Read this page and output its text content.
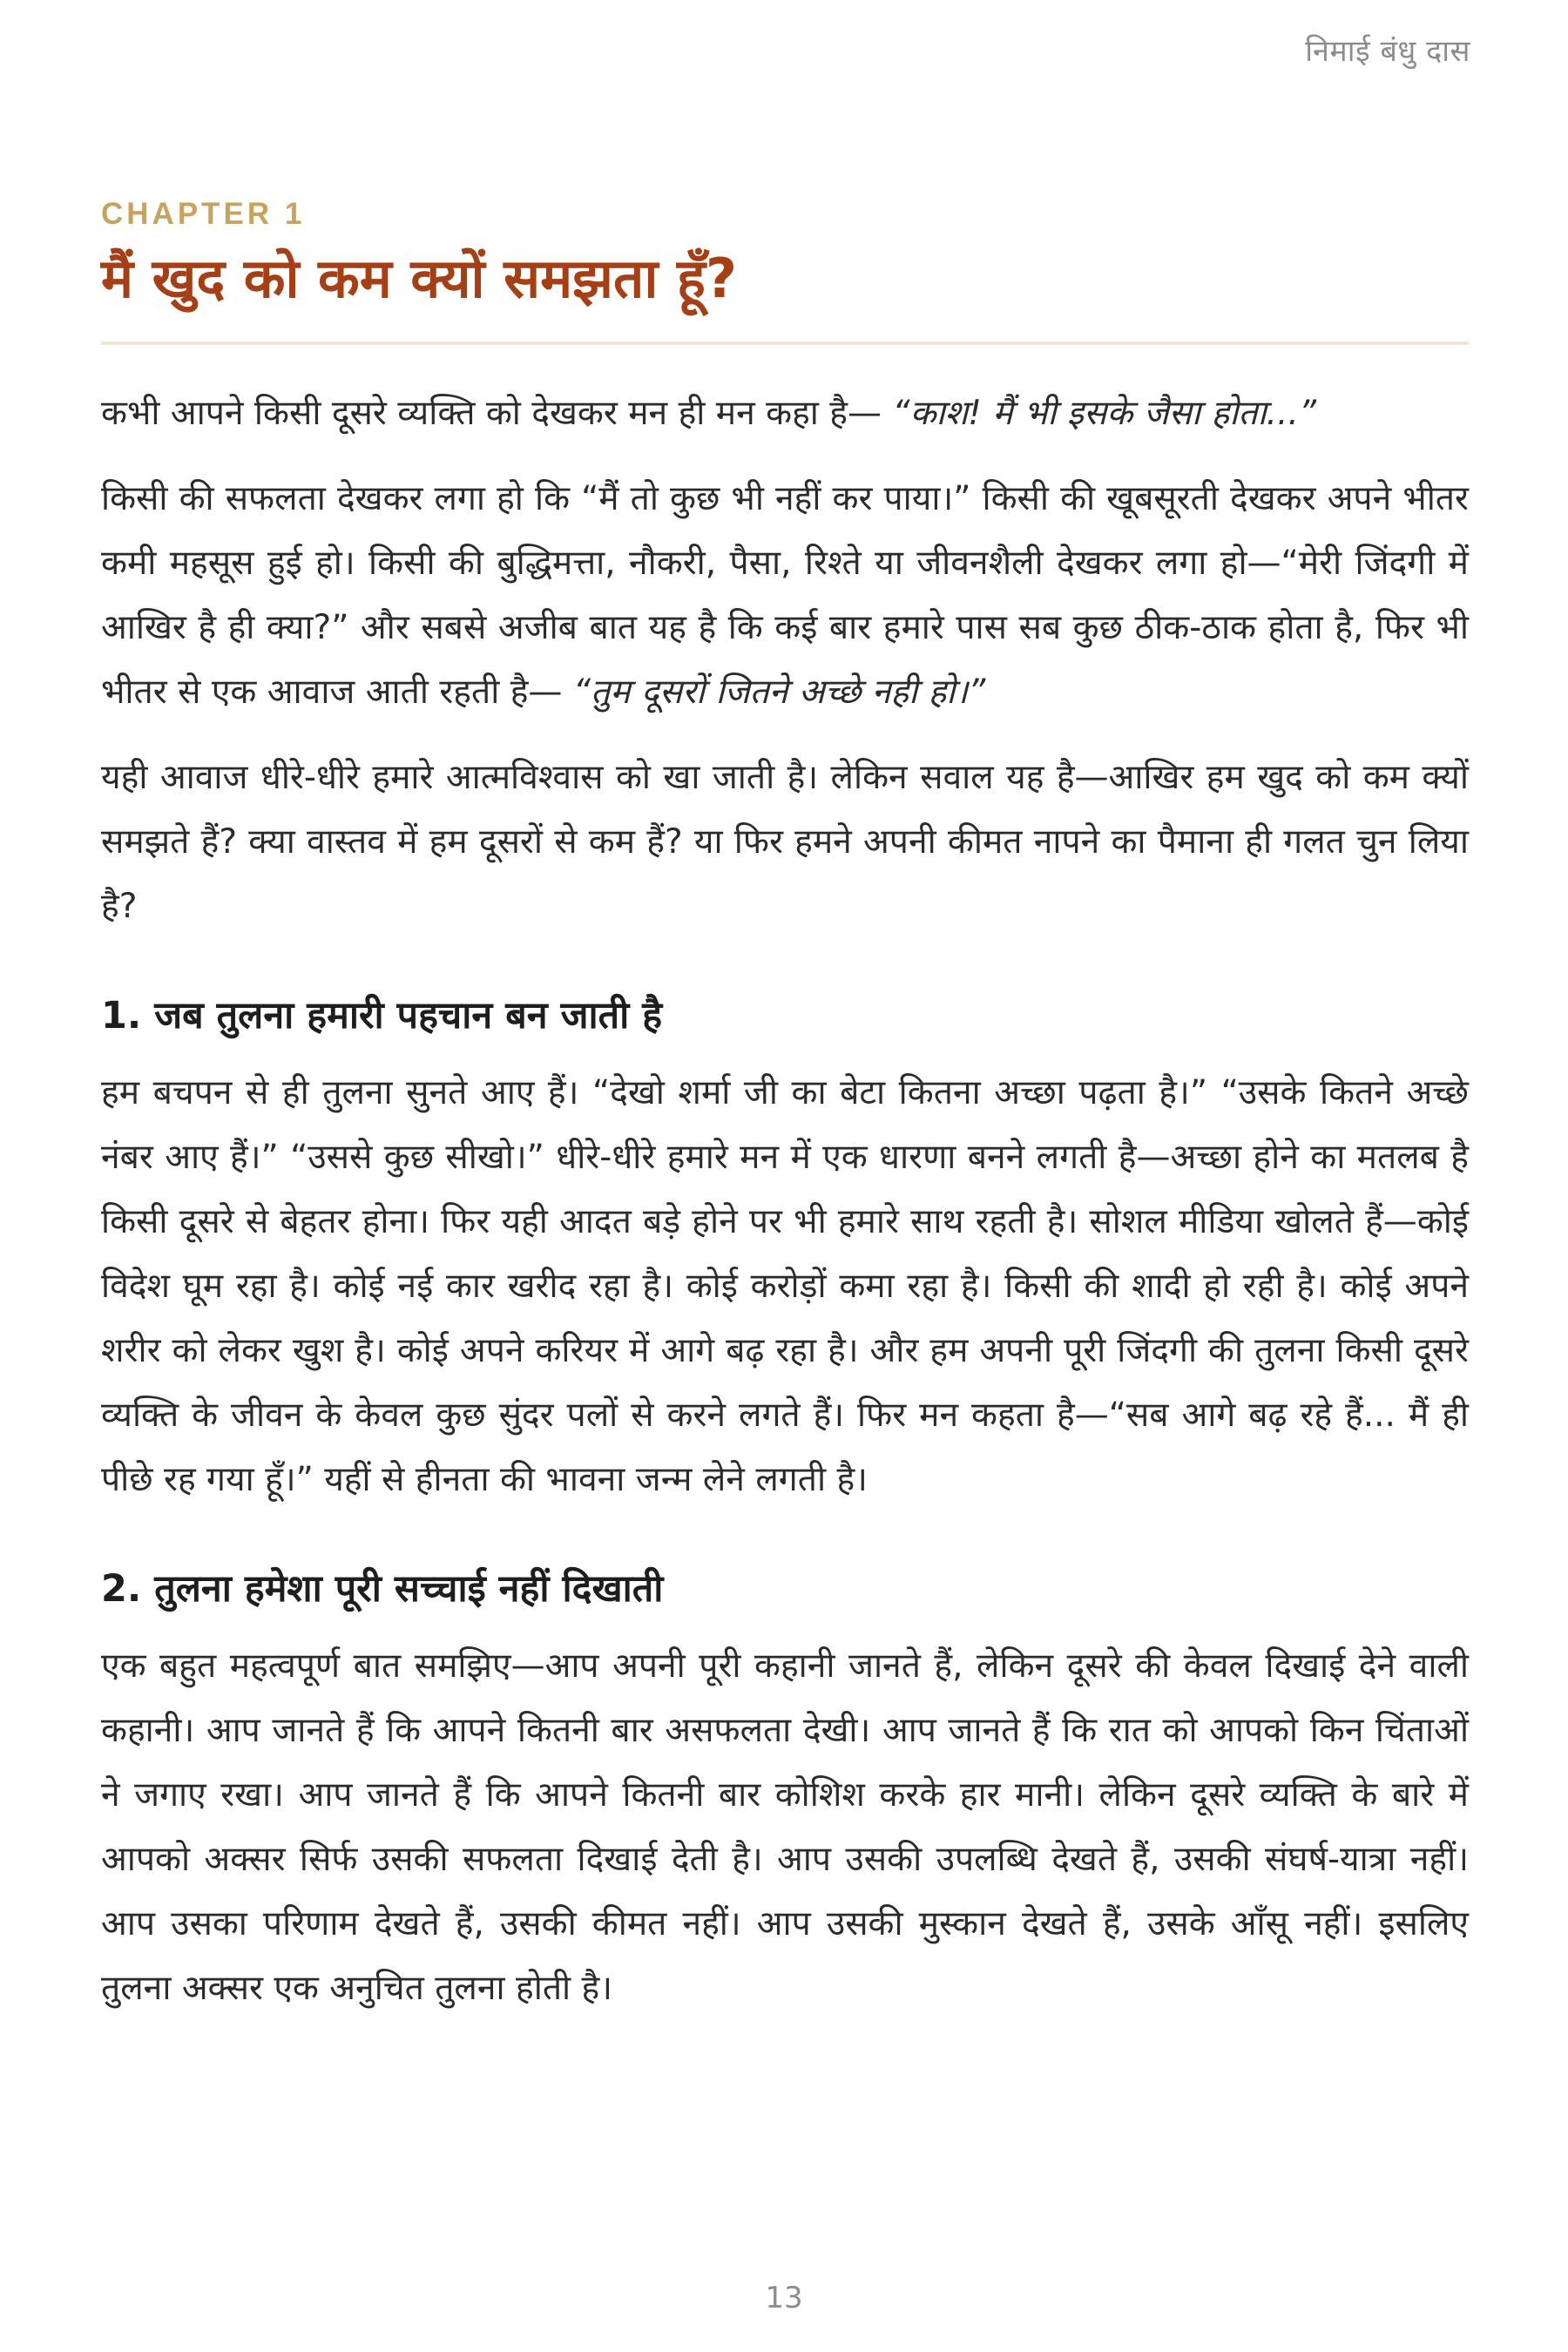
निमाई बंधु दास
CHAPTER 1
मैं खुद को कम क्यों समझता हूँ?

कभी आपने किसी दूसरे व्यक्ति को देखकर मन ही मन कहा है— “काश! मैं भी इसके जैसा होता...”

किसी की सफलता देखकर लगा हो कि “मैं तो कुछ भी नहीं कर पाया।” किसी की खूबसूरती देखकर अपने भीतर कमी महसूस हुई हो। किसी की बुद्धिमत्ता, नौकरी, पैसा, रिश्ते या जीवनशैली देखकर लगा हो—“मेरी जिंदगी में आखिर है ही क्या?” और सबसे अजीब बात यह है कि कई बार हमारे पास सब कुछ ठीक-ठाक होता है, फिर भी भीतर से एक आवाज आती रहती है— “तुम दूसरों जितने अच्छे नही हो।”

यही आवाज धीरे-धीरे हमारे आत्मविश्वास को खा जाती है। लेकिन सवाल यह है—आखिर हम खुद को कम क्यों समझते हैं? क्या वास्तव में हम दूसरों से कम हैं? या फिर हमने अपनी कीमत नापने का पैमाना ही गलत चुन लिया है?

1. जब तुलना हमारी पहचान बन जाती है

हम बचपन से ही तुलना सुनते आए हैं। “देखो शर्मा जी का बेटा कितना अच्छा पढ़ता है।” “उसके कितने अच्छे नंबर आए हैं।” “उससे कुछ सीखो।” धीरे-धीरे हमारे मन में एक धारणा बनने लगती है—अच्छा होने का मतलब है किसी दूसरे से बेहतर होना। फिर यही आदत बड़े होने पर भी हमारे साथ रहती है। सोशल मीडिया खोलते हैं—कोई विदेश घूम रहा है। कोई नई कार खरीद रहा है। कोई करोड़ों कमा रहा है। किसी की शादी हो रही है। कोई अपने शरीर को लेकर खुश है। कोई अपने करियर में आगे बढ़ रहा है। और हम अपनी पूरी जिंदगी की तुलना किसी दूसरे व्यक्ति के जीवन के केवल कुछ सुंदर पलों से करने लगते हैं। फिर मन कहता है—“सब आगे बढ़ रहे हैं... मैं ही पीछे रह गया हूँ।” यहीं से हीनता की भावना जन्म लेने लगती है।

2. तुलना हमेशा पूरी सच्चाई नहीं दिखाती

एक बहुत महत्वपूर्ण बात समझिए—आप अपनी पूरी कहानी जानते हैं, लेकिन दूसरे की केवल दिखाई देने वाली कहानी। आप जानते हैं कि आपने कितनी बार असफलता देखी। आप जानते हैं कि रात को आपको किन चिंताओं ने जगाए रखा। आप जानते हैं कि आपने कितनी बार कोशिश करके हार मानी। लेकिन दूसरे व्यक्ति के बारे में आपको अक्सर सिर्फ उसकी सफलता दिखाई देती है। आप उसकी उपलब्धि देखते हैं, उसकी संघर्ष-यात्रा नहीं। आप उसका परिणाम देखते हैं, उसकी कीमत नहीं। आप उसकी मुस्कान देखते हैं, उसके आँसू नहीं। इसलिए तुलना अक्सर एक अनुचित तुलना होती है।

13
